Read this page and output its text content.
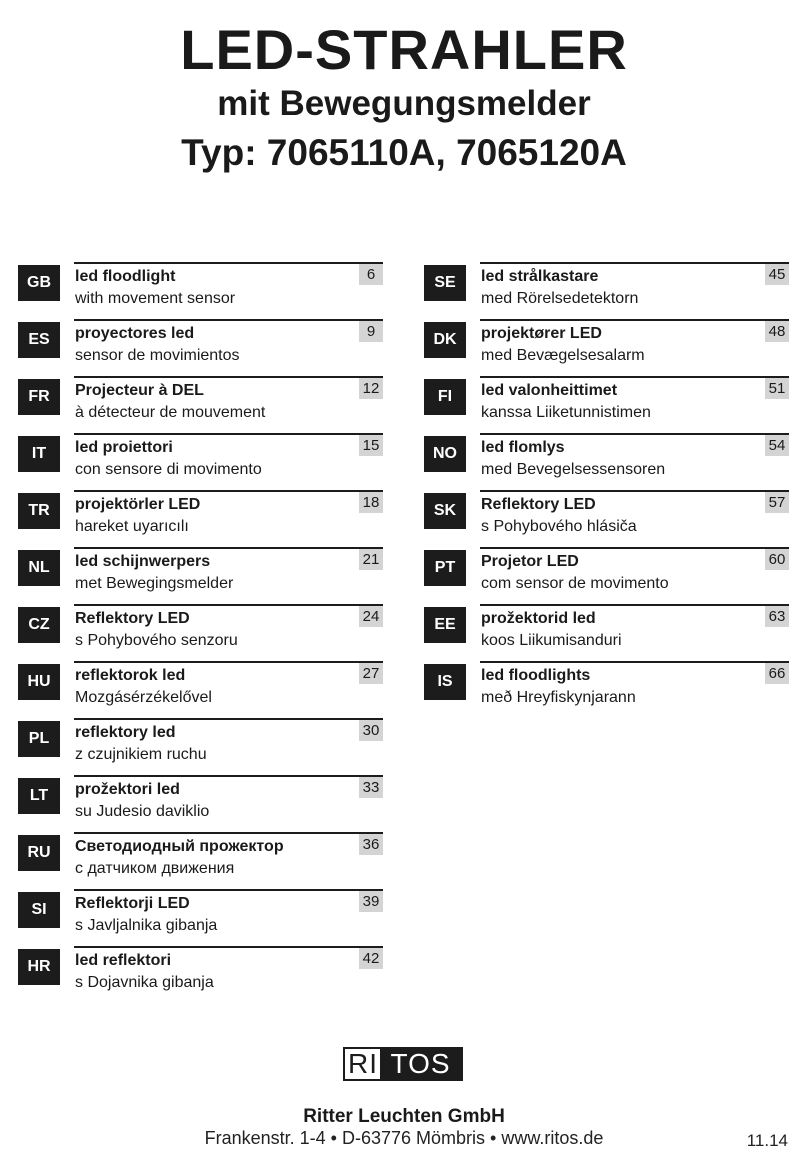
LED-STRAHLER
mit Bewegungsmelder
Typ: 7065110A, 7065120A
GB	led floodlight
with movement sensor
6
ES	proyectores led
sensor de movimientos
9
FR	Projecteur à DEL
à détecteur de mouvement
12
IT	led proiettori
con sensore di movimento
15
TR	projektörler LED
hareket uyarıcılı
18
NL	led schijnwerpers
met Bewegingsmelder
21
CZ	Reflektory LED
s Pohybového senzoru
24
HU	reflektorok led
Mozgásérzékelővel
27
PL	reflektory led
z czujnikiem ruchu
30
LT	prožektori led
su Judesio daviklio
33
RU	Светодиодный прожектор
с датчиком движения
36
SI	Reflektorji LED
s Javljalnika gibanja
39
HR	led reflektori
s Dojavnika gibanja
42
SE	led strålkastare
med Rörelsedetektorn
45
DK	projektører LED
med Bevægelsesalarm
48
FI	led valonheittimet
kanssa Liiketunnistimen
51
NO	led flomlys
med Bevegelsessensoren
54
SK	Reflektory LED
s Pohybového hlásiča
57
PT	Projetor LED
com sensor de movimento
60
EE	prožektorid led
koos Liikumisanduri
63
IS	led floodlights
með Hreyfiskynjarann
66
RI TOS
Ritter Leuchten GmbH
Frankenstr. 1-4 • D-63776 Mömbris • www.ritos.de	11.14
